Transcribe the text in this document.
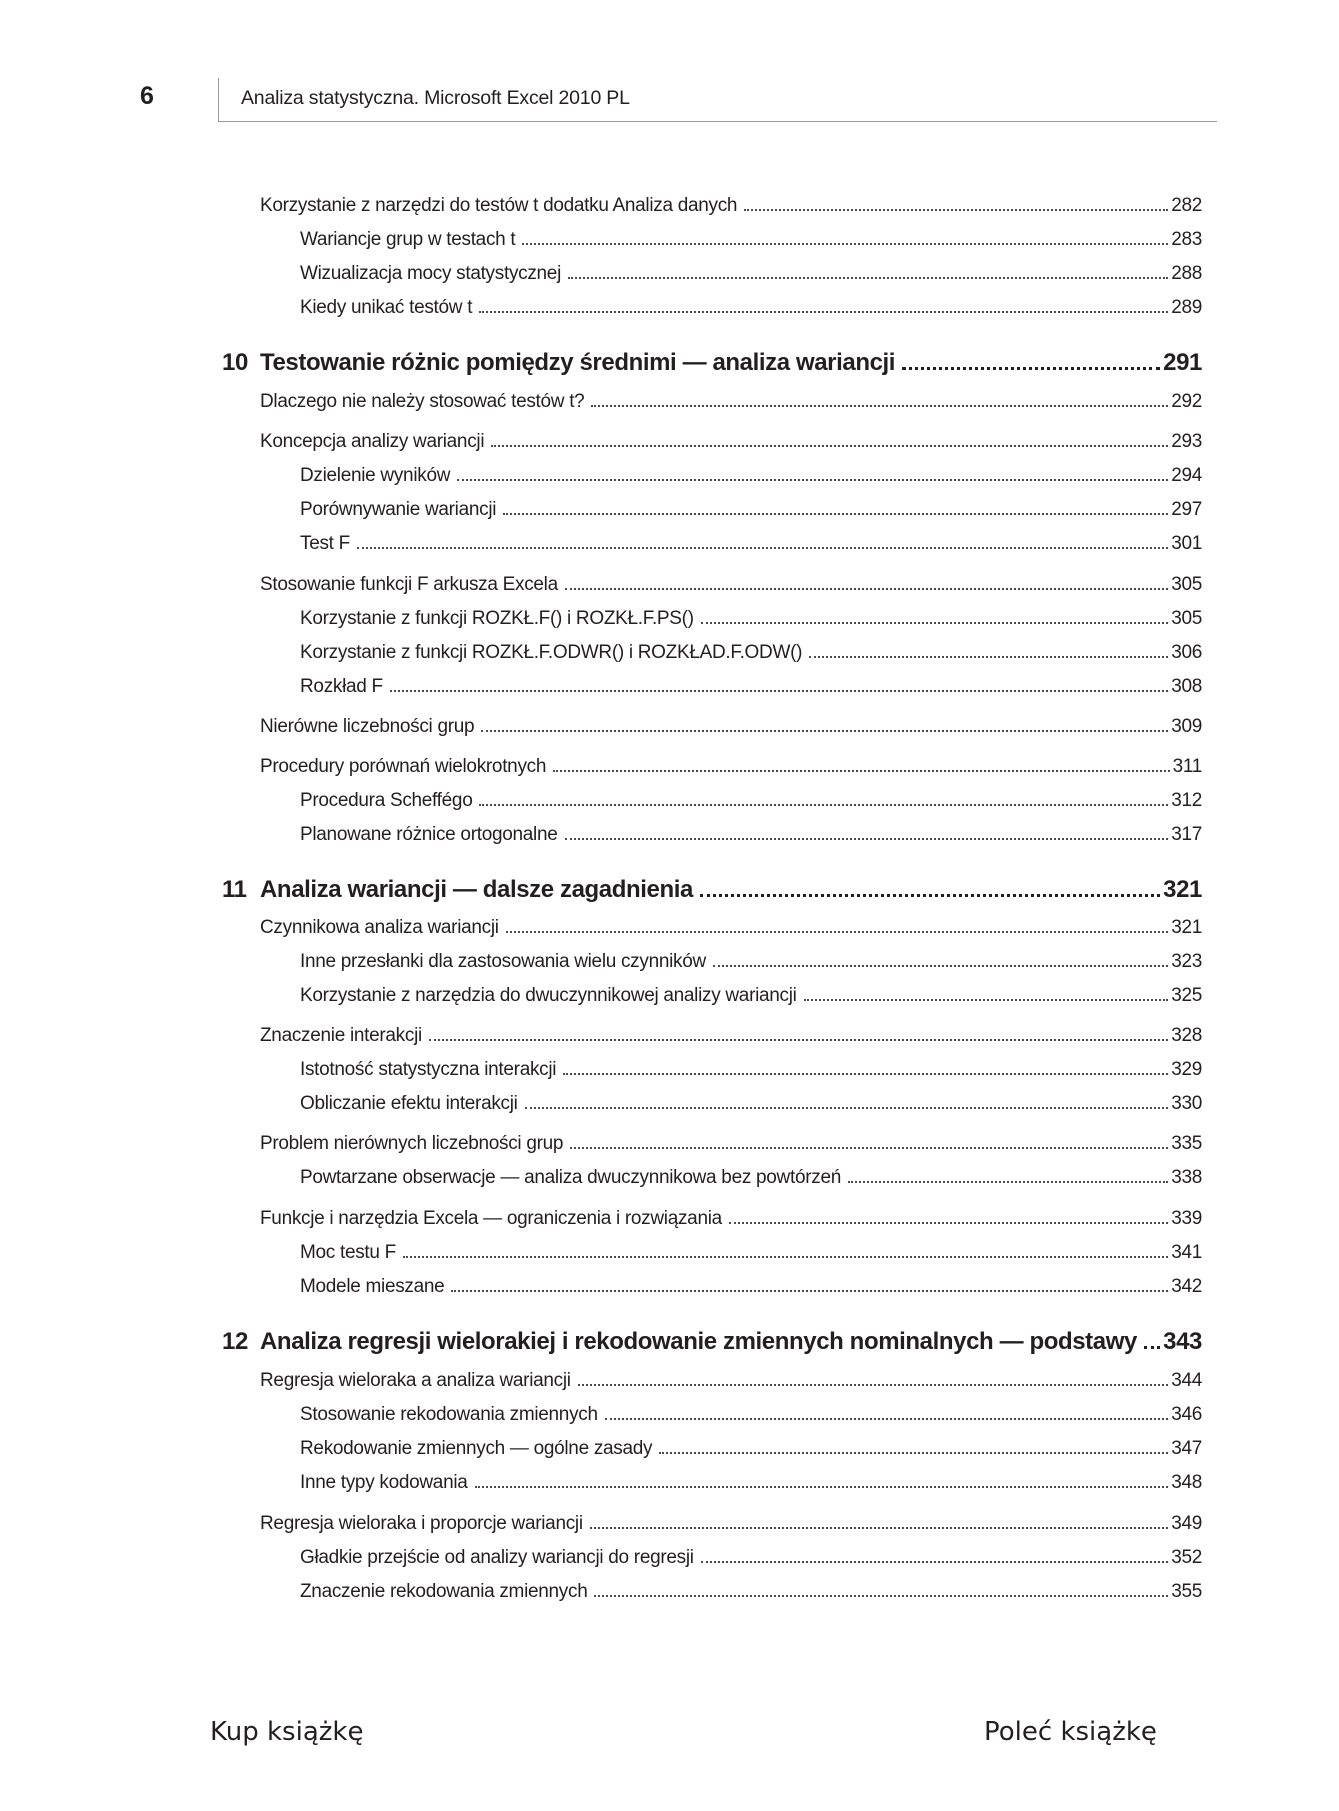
6	Analiza statystyczna. Microsoft Excel 2010 PL
Korzystanie z narzędzi do testów t dodatku Analiza danych	282
Wariancje grup w testach t	283
Wizualizacja mocy statystycznej	288
Kiedy unikać testów t	289
10 Testowanie różnic pomiędzy średnimi — analiza wariancji	291
Dlaczego nie należy stosować testów t?	292
Koncepcja analizy wariancji	293
Dzielenie wyników	294
Porównywanie wariancji	297
Test F	301
Stosowanie funkcji F arkusza Excela	305
Korzystanie z funkcji ROZKŁ.F() i ROZKŁ.F.PS()	305
Korzystanie z funkcji ROZKŁ.F.ODWR() i ROZKŁAD.F.ODW()	306
Rozkład F	308
Nierówne liczebności grup	309
Procedury porównań wielokrotnych	311
Procedura Scheffégo	312
Planowane różnice ortogonalne	317
11 Analiza wariancji — dalsze zagadnienia	321
Czynnikowa analiza wariancji	321
Inne przesłanki dla zastosowania wielu czynników	323
Korzystanie z narzędzia do dwuczynnikowej analizy wariancji	325
Znaczenie interakcji	328
Istotność statystyczna interakcji	329
Obliczanie efektu interakcji	330
Problem nierównych liczebności grup	335
Powtarzane obserwacje — analiza dwuczynnikowa bez powtórzeń	338
Funkcje i narzędzia Excela — ograniczenia i rozwiązania	339
Moc testu F	341
Modele mieszane	342
12 Analiza regresji wielorakiej i rekodowanie zmiennych nominalnych — podstawy 343
Regresja wieloraka a analiza wariancji	344
Stosowanie rekodowania zmiennych	346
Rekodowanie zmiennych — ogólne zasady	347
Inne typy kodowania	348
Regresja wieloraka i proporcje wariancji	349
Gładkie przejście od analizy wariancji do regresji	352
Znaczenie rekodowania zmiennych	355
Kup książkę	Poleć książkę
